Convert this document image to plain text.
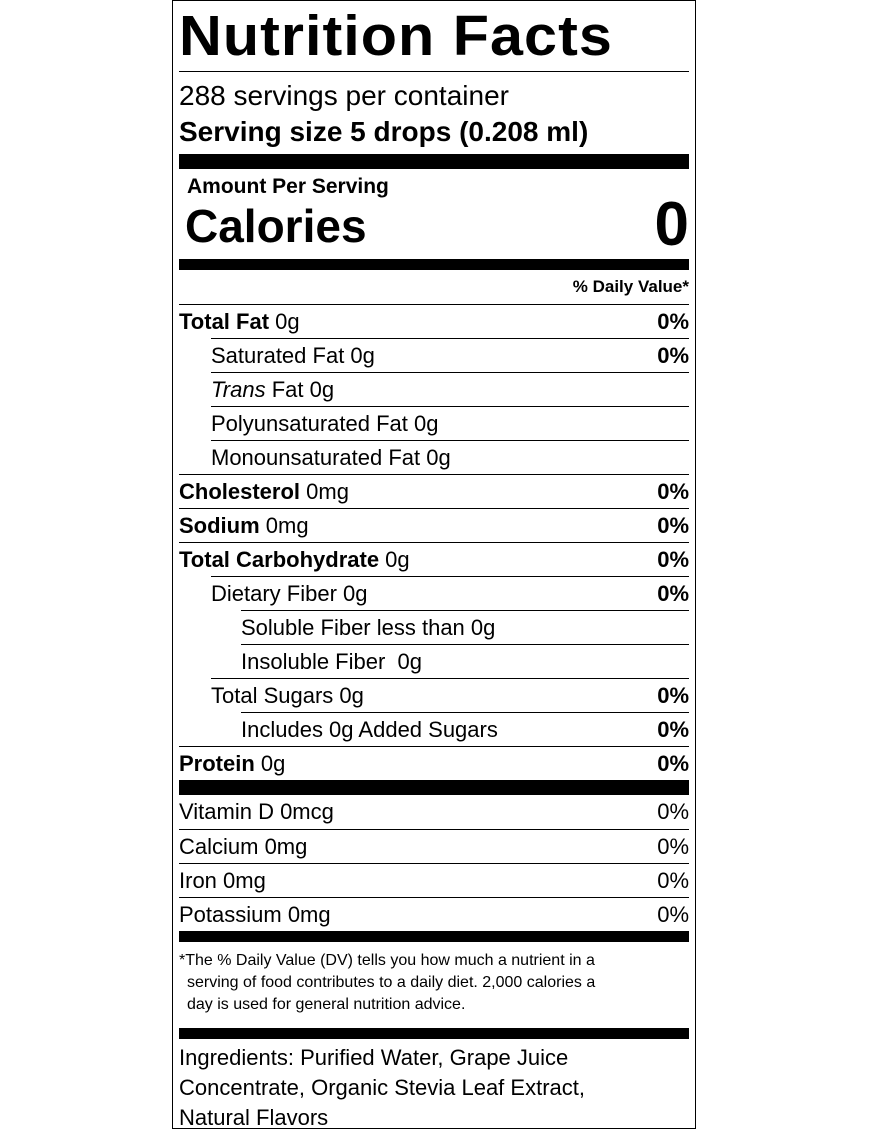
Nutrition Facts
288 servings per container
Serving size 5 drops (0.208 ml)
Amount Per Serving
Calories	0
% Daily Value*
Total Fat 0g	0%
Saturated Fat 0g	0%
Trans Fat 0g
Polyunsaturated Fat 0g
Monounsaturated Fat 0g
Cholesterol 0mg	0%
Sodium 0mg	0%
Total Carbohydrate 0g	0%
Dietary Fiber 0g	0%
Soluble Fiber less than 0g
Insoluble Fiber  0g
Total Sugars 0g	0%
Includes 0g Added Sugars	0%
Protein 0g	0%
Vitamin D 0mcg	0%
Calcium 0mg	0%
Iron 0mg	0%
Potassium 0mg	0%
*The % Daily Value (DV) tells you how much a nutrient in a
serving of food contributes to a daily diet. 2,000 calories a
day is used for general nutrition advice.
Ingredients: Purified Water, Grape Juice
Concentrate, Organic Stevia Leaf Extract,
Natural Flavors
